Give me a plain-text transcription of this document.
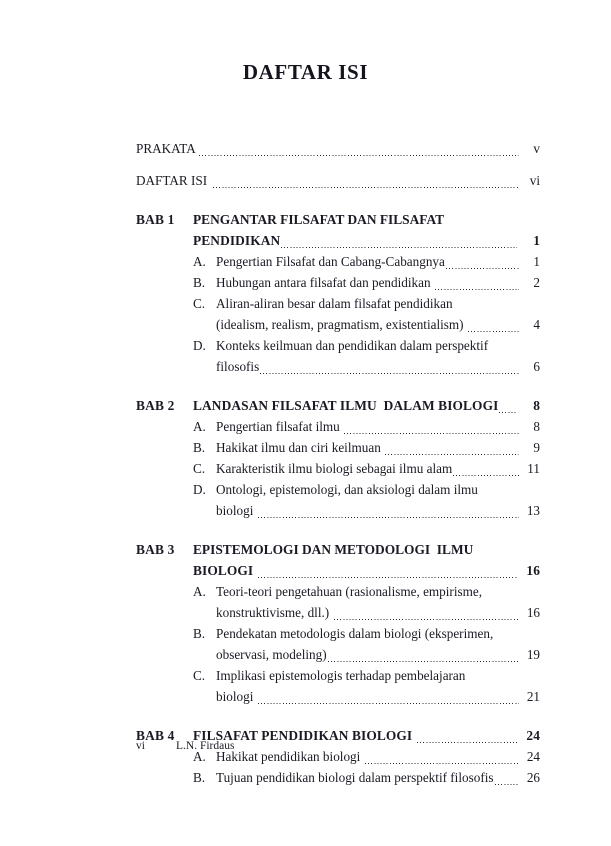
DAFTAR ISI
PRAKATA	v
DAFTAR ISI	vi
BAB 1	PENGANTAR FILSAFAT DAN FILSAFAT
PENDIDIKAN	1
A. Pengertian Filsafat dan Cabang-Cabangnya	1
B. Hubungan antara filsafat dan pendidikan	2
C. Aliran-aliran besar dalam filsafat pendidikan
(idealism, realism, pragmatism, existentialism)	4
D. Konteks keilmuan dan pendidikan dalam perspektif
filosofis	6
BAB 2	LANDASAN FILSAFAT ILMU  DALAM BIOLOGI	8
A. Pengertian filsafat ilmu	8
B. Hakikat ilmu dan ciri keilmuan	9
C. Karakteristik ilmu biologi sebagai ilmu alam	11
D. Ontologi, epistemologi, dan aksiologi dalam ilmu
biologi	13
BAB 3	EPISTEMOLOGI DAN METODOLOGI  ILMU
BIOLOGI	16
A. Teori-teori pengetahuan (rasionalisme, empirisme,
konstruktivisme, dll.)	16
B. Pendekatan metodologis dalam biologi (eksperimen,
observasi, modeling)	19
C. Implikasi epistemologis terhadap pembelajaran
biologi	21
BAB 4	FILSAFAT PENDIDIKAN BIOLOGI	24
A. Hakikat pendidikan biologi	24
B. Tujuan pendidikan biologi dalam perspektif filosofis	26
vi	L.N. Firdaus
